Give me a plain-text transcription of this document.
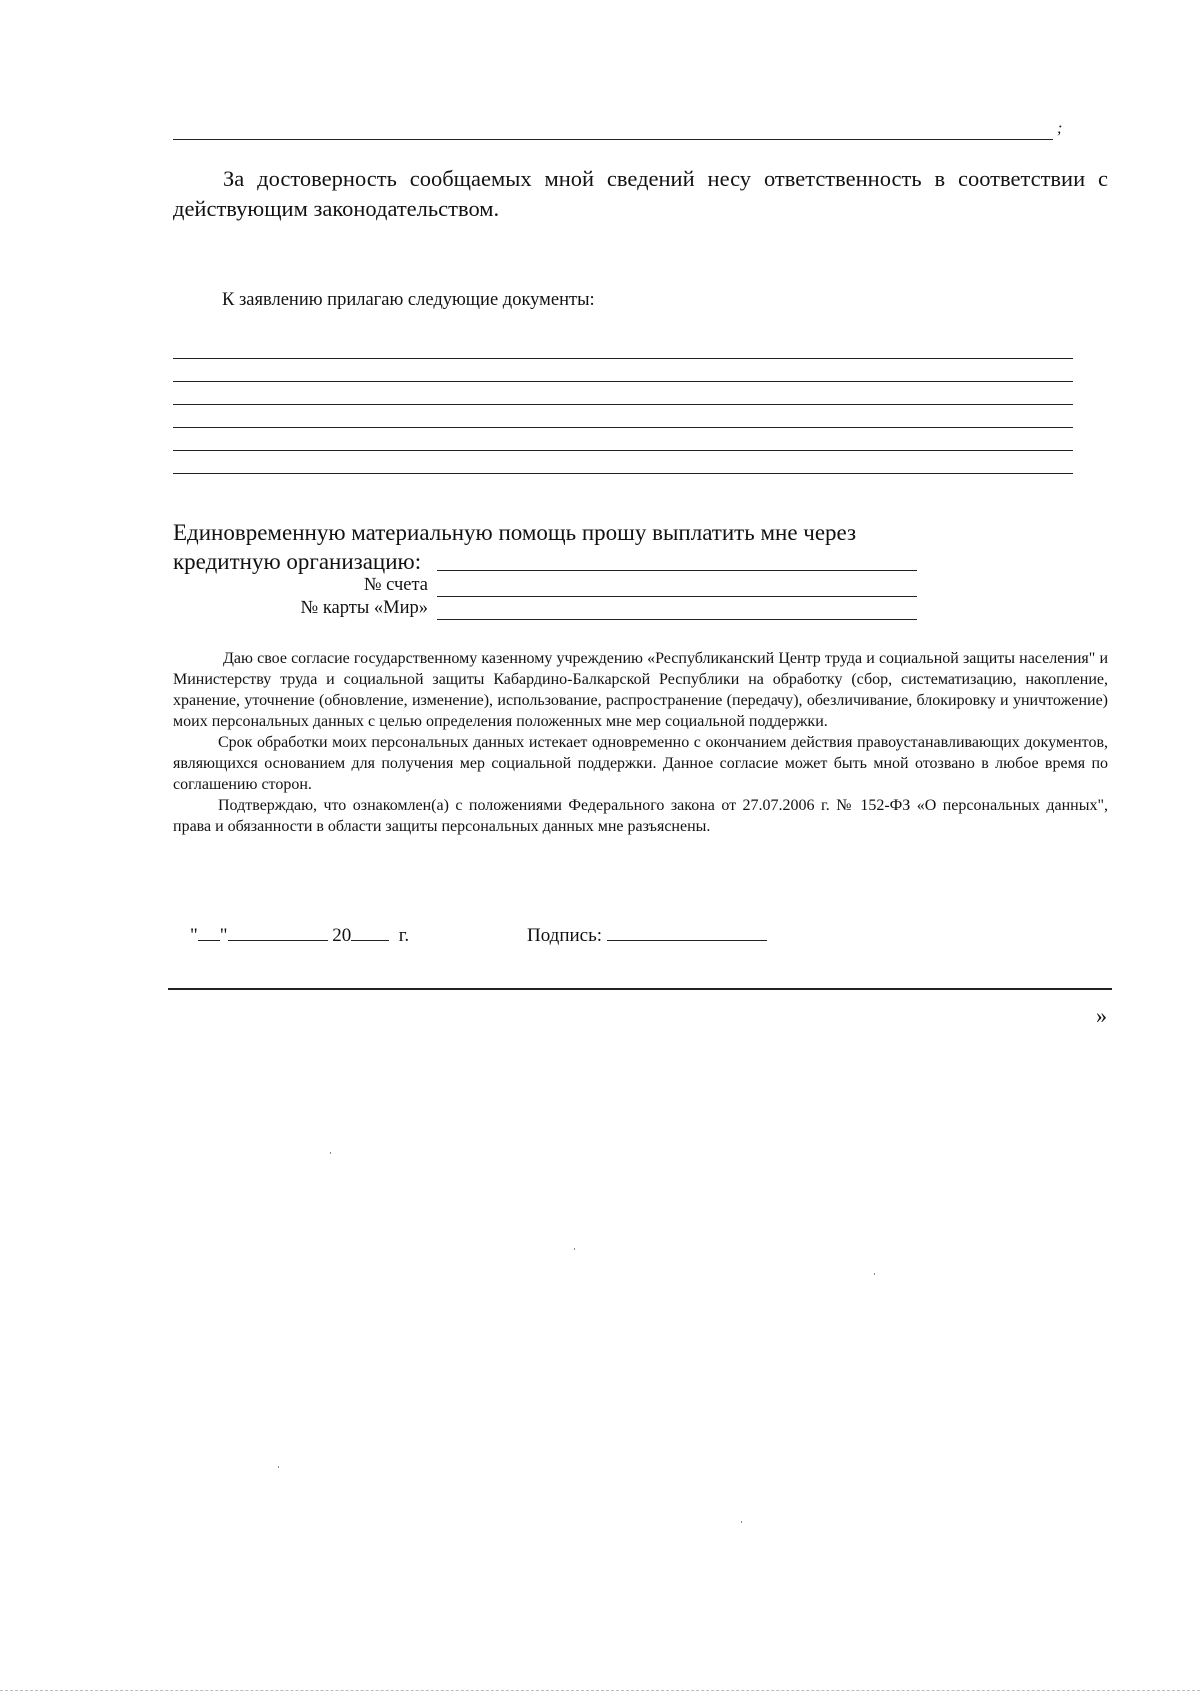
;

За достоверность сообщаемых мной сведений несу ответственность в соответствии с действующим законодательством.

К заявлению прилагаю следующие документы:
Единовременную материальную помощь прошу выплатить мне через
кредитную организацию:
№ счета
№ карты «Мир»

Даю свое согласие государственному казенному учреждению «Республиканский Центр труда и социальной защиты населения" и Министерству труда и социальной защиты Кабардино-Балкарской Республики на обработку (сбор, систематизацию, накопление, хранение, уточнение (обновление, изменение), использование, распространение (передачу), обезличивание, блокировку и уничтожение) моих персональных данных с целью определения положенных мне мер социальной поддержки.

Срок обработки моих персональных данных истекает одновременно с окончанием действия правоустанавливающих документов, являющихся основанием для получения мер социальной поддержки. Данное согласие может быть мной отозвано в любое время по соглашению сторон.

Подтверждаю, что ознакомлен(а) с положениями Федерального закона от 27.07.2006 г. № 152-ФЗ «О персональных данных", права и обязанности в области защиты персональных данных мне разъяснены.

" "	20	г.	Подпись:
»
